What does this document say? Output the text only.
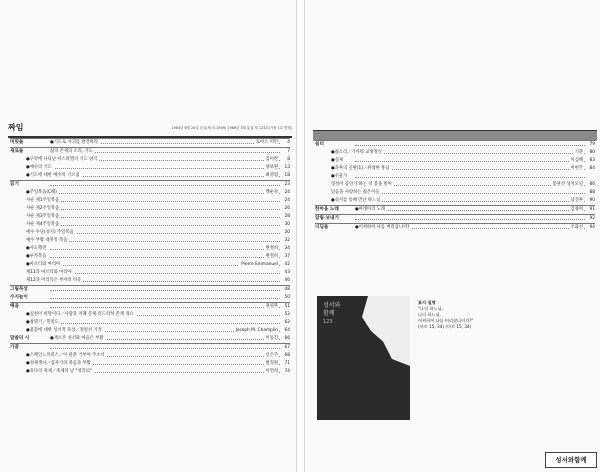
짜임	1964년 6월 20일 등록(제 라-2909) 1986년 3월 통권 제 123호(가톨 1호 발행)
머릿돌	●기도로 사귀를 발견하라	토마스 머턴	4
새로돌	삶의 존재의 소리, 기도	7
●구약에 나타난 이스라엘의 기도 양식	김미란	8
●예수의 기도	양보원	13
●기도에 대한 예수의 가르침	최영엽	18
읽기	23
●주일복음(C해)	백운철	24
사순 제1주일복음	24
사순 제2주일복음	26
사순 제3주일복음	28
사순 제4주일복음	30
예수 수난(성지) 주일복음	30
예수 부활 대축일 복음	32
●사도행전	변철희	34
●루카복음	변철희	37
●마르티와 마리아	Pierre Emmanuel	42
제11과 마르티와 마리아	43
제12과 어리석은 부자의 비유	46
그림묵상	48
수지놀이	50
배움	권영무	51
●실천이 희망이다／사랑과 저폐 문제·리드리히 존재 개요	52
●창명기／민족도	62
●불꽃에 대한 성서적 묵상／정영선 기적	Joseph M. Champlin	64
말씀의 시	●재소본 성서와 마음은 부활	이동진	66
가꿈	67
●스페인느끼러스／이 관춘 거부여 주소서	신은주	68
●성체생사／십자가의 죽음과 부활	변정원	71
●유다의 축제／축제의 날 "성리피"	이면희	74
쉼터	79
●젊소리／가까뭐 교방정신	기춘	80
●실제	이심해	83
●과후의 신판(1)／위대한 홍님	이현주	84
●우물가
형성이 응인가 하는 착 봉을 빛아	봄관선 상지모밀	86
믿음을 사랑하는 젊은이들	88
●성서를 통해 만난 하느님	남진후	90
한마음 노래	●아래아의 노래	김종희	91
알림·보내기	92
디딤돌	●어찌하여 나를 버리십니까?	조화선	94
성서와
함께
123
표지 설명
"나의 하느님,
나의 하느님,
어찌하여 나를 버리셨나이까?"
(마르 15, 34) (마르 15, 34)
성서와함께
